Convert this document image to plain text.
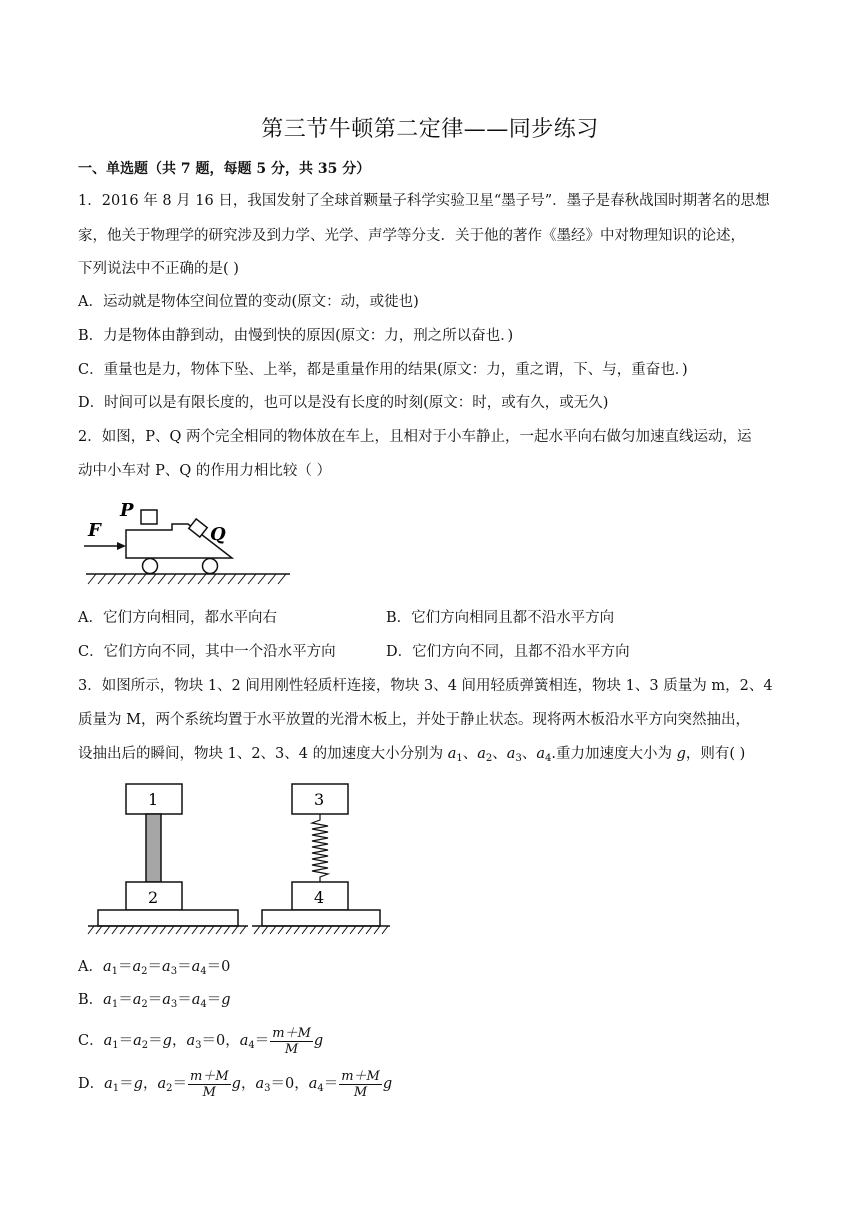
第三节牛顿第二定律——同步练习
一、单选题（共 7 题，每题 5 分，共 35 分）
1．2016 年 8 月 16 日，我国发射了全球首颗量子科学实验卫星“墨子号”．墨子是春秋战国时期著名的思想
家，他关于物理学的研究涉及到力学、光学、声学等分支．关于他的著作《墨经》中对物理知识的论述，
下列说法中不正确的是( )
A．运动就是物体空间位置的变动(原文：动，或徙也)
B．力是物体由静到动，由慢到快的原因(原文：力，刑之所以奋也．)
C．重量也是力，物体下坠、上举，都是重量作用的结果(原文：力，重之谓，下、与，重奋也．)
D．时间可以是有限长度的，也可以是没有长度的时刻(原文：时，或有久，或无久)
2．如图，P、Q 两个完全相同的物体放在车上，且相对于小车静止，一起水平向右做匀加速直线运动，运
动中小车对 P、Q 的作用力相比较（ ）
F
P
Q
A．它们方向相同，都水平向右	B．它们方向相同且都不沿水平方向
C．它们方向不同，其中一个沿水平方向	D．它们方向不同，且都不沿水平方向
3．如图所示，物块 1、2 间用刚性轻质杆连接，物块 3、4 间用轻质弹簧相连，物块 1、3 质量为 m，2、4
质量为 M，两个系统均置于水平放置的光滑木板上，并处于静止状态。现将两木板沿水平方向突然抽出，
设抽出后的瞬间，物块 1、2、3、4 的加速度大小分别为 $a_1$、$a_2$、$a_3$、$a_4$.重力加速度大小为 g，则有( )
1
2
3
4
A．$a_1=a_2=a_3=a_4=0$
B．$a_1=a_2=a_3=a_4=g$
C．$a_1=a_2=g$，$a_3=0$，$a_4= \frac{m+M}{M}$ g
D．$a_1=g$，$a_2= \frac{m+M}{M}$ g，$a_3=0$，$a_4= \frac{m+M}{M}$ g
